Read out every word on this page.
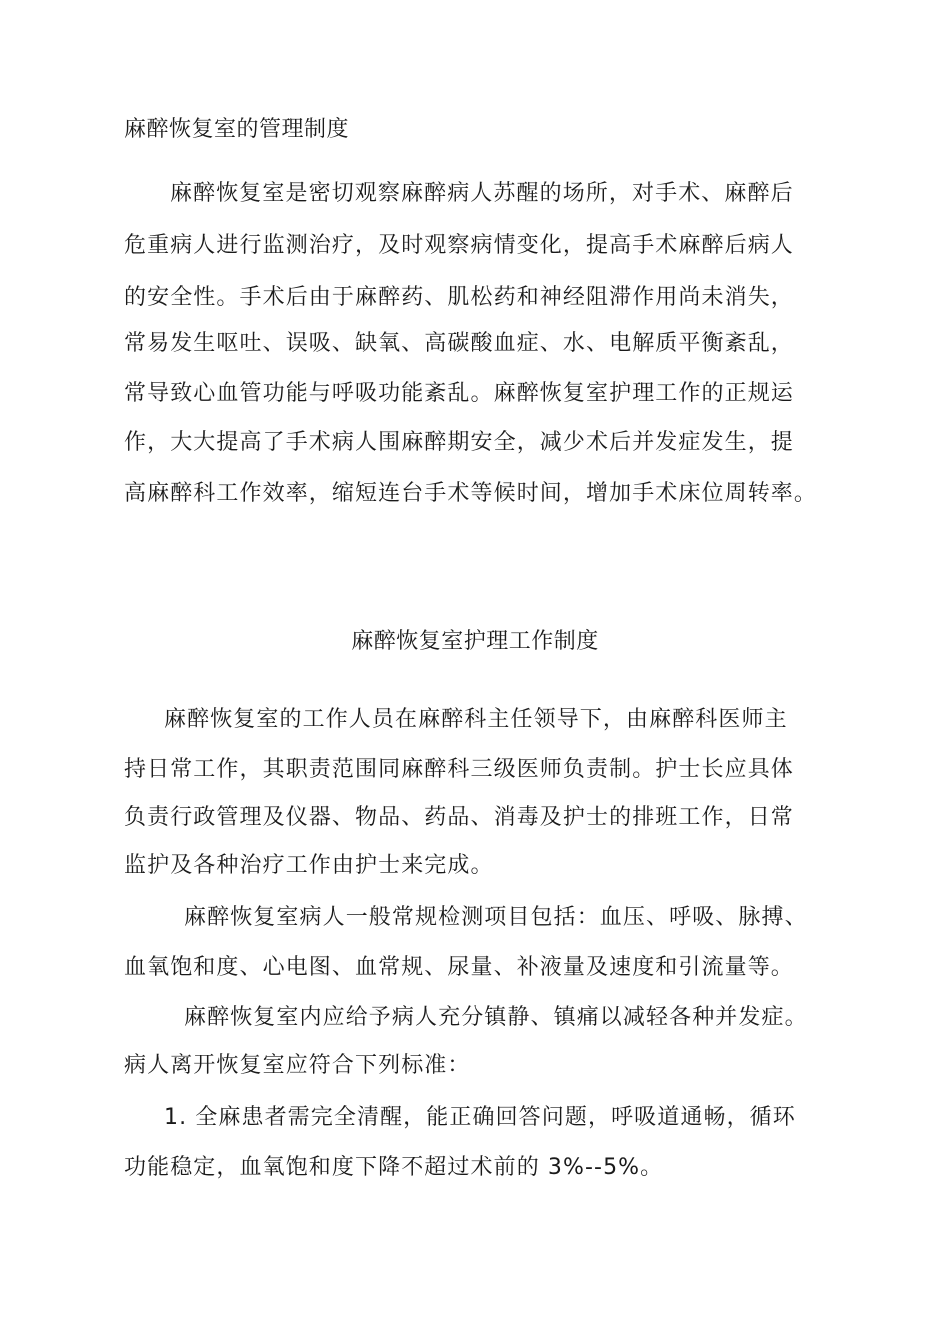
麻醉恢复室的管理制度
麻醉恢复室是密切观察麻醉病人苏醒的场所，对手术、麻醉后
危重病人进行监测治疗，及时观察病情变化，提高手术麻醉后病人
的安全性。手术后由于麻醉药、肌松药和神经阻滞作用尚未消失，
常易发生呕吐、误吸、缺氧、高碳酸血症、水、电解质平衡紊乱，
常导致心血管功能与呼吸功能紊乱。麻醉恢复室护理工作的正规运
作，大大提高了手术病人围麻醉期安全，减少术后并发症发生，提
高麻醉科工作效率，缩短连台手术等候时间，增加手术床位周转率。
麻醉恢复室护理工作制度
麻醉恢复室的工作人员在麻醉科主任领导下，由麻醉科医师主
持日常工作，其职责范围同麻醉科三级医师负责制。护士长应具体
负责行政管理及仪器、物品、药品、消毒及护士的排班工作，日常
监护及各种治疗工作由护士来完成。
麻醉恢复室病人一般常规检测项目包括：血压、呼吸、脉搏、
血氧饱和度、心电图、血常规、尿量、补液量及速度和引流量等。
麻醉恢复室内应给予病人充分镇静、镇痛以减轻各种并发症。
病人离开恢复室应符合下列标准：
1. 全麻患者需完全清醒，能正确回答问题，呼吸道通畅，循环
功能稳定，血氧饱和度下降不超过术前的 3%--5%。
